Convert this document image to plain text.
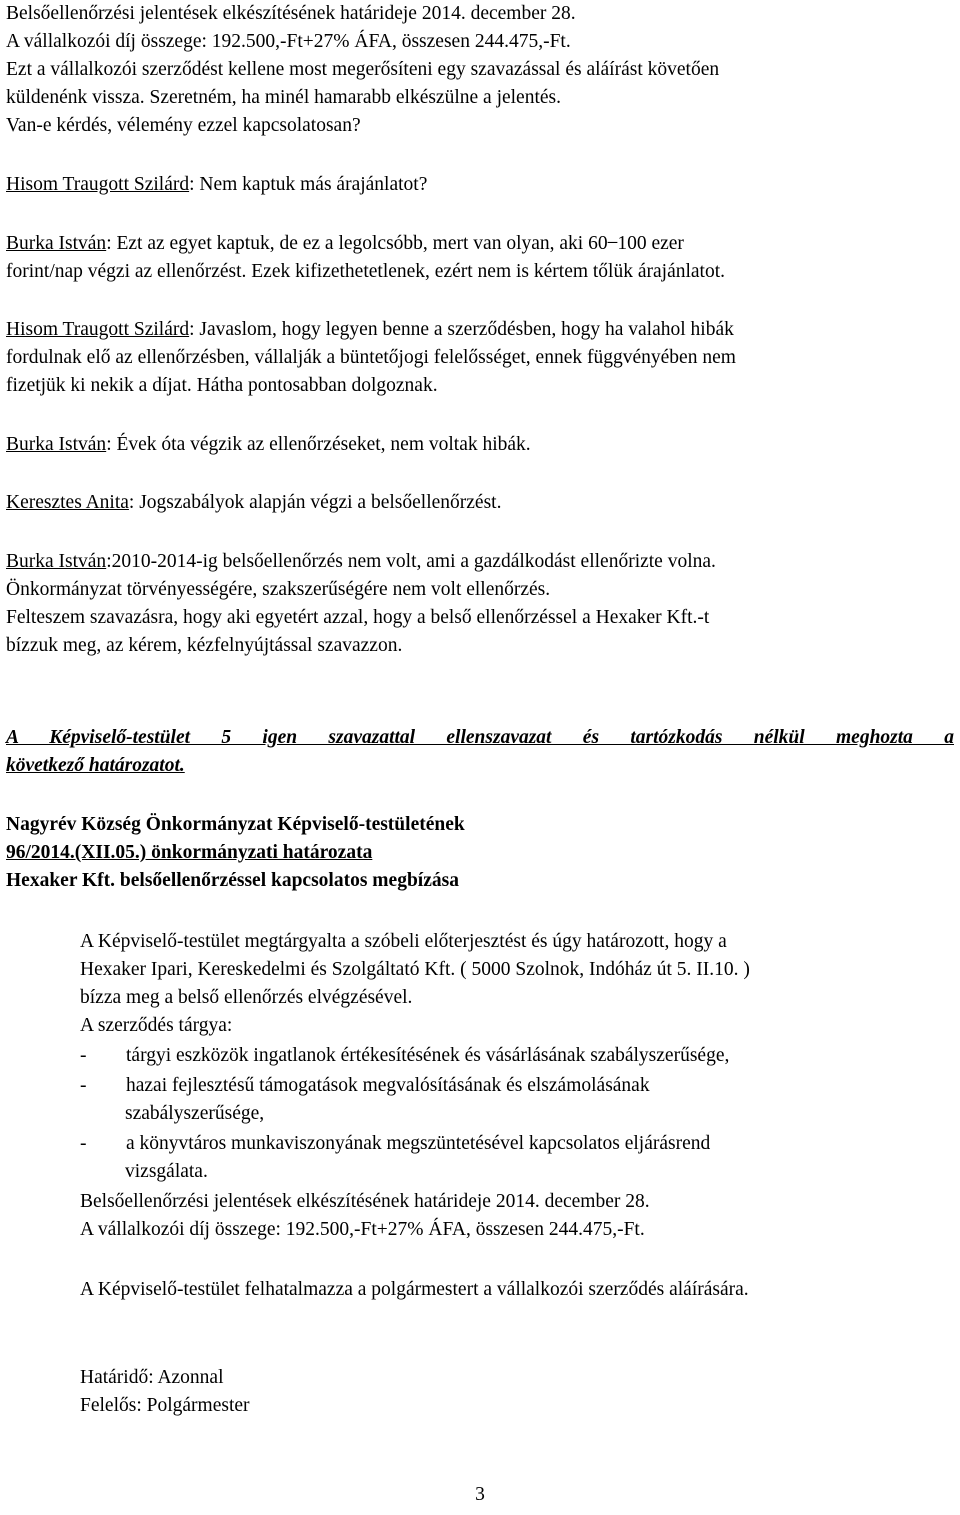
Belsőellenőrzési jelentések elkészítésének határideje 2014. december 28.
A vállalkozói díj összege: 192.500,-Ft+27% ÁFA, összesen 244.475,-Ft.
Ezt a vállalkozói szerződést kellene most megerősíteni egy szavazással és aláírást követően
küldenénk vissza. Szeretném, ha minél hamarabb elkészülne a jelentés.
Van-e kérdés, vélemény ezzel kapcsolatosan?
Hisom Traugott Szilárd: Nem kaptuk más árajánlatot?
Burka István: Ezt az egyet kaptuk, de ez a legolcsóbb, mert van olyan, aki 60 ̶ 100 ezer
forint/nap végzi az ellenőrzést. Ezek kifizethetetlenek, ezért nem is kértem tőlük árajánlatot.
Hisom Traugott Szilárd: Javaslom, hogy legyen benne a szerződésben, hogy ha valahol hibák
fordulnak elő az ellenőrzésben, vállalják a büntetőjogi felelősséget, ennek függvényében nem
fizetjük ki nekik a díjat. Hátha pontosabban dolgoznak.
Burka István: Évek óta végzik az ellenőrzéseket, nem voltak hibák.
Keresztes Anita: Jogszabályok alapján végzi a belsőellenőrzést.
Burka István:2010-2014-ig belsőellenőrzés nem volt, ami a gazdálkodást ellenőrizte volna.
Önkormányzat törvényességére, szakszerűségére nem volt ellenőrzés.
Felteszem szavazásra, hogy aki egyetért azzal, hogy a belső ellenőrzéssel a Hexaker Kft.-t
bízzuk meg, az kérem, kézfelnyújtással szavazzon.
A Képviselő-testület 5 igen szavazattal ellenszavazat és tartózkodás nélkül meghozta a
következő határozatot.
Nagyrév Község Önkormányzat Képviselő-testületének
96/2014.(XII.05.) önkormányzati határozata
Hexaker Kft. belsőellenőrzéssel kapcsolatos megbízása
A Képviselő-testület megtárgyalta a szóbeli előterjesztést és úgy határozott, hogy a
Hexaker Ipari, Kereskedelmi és Szolgáltató Kft. ( 5000 Szolnok, Indóház út 5. II.10. )
bízza meg a belső ellenőrzés elvégzésével.
A szerződés tárgya:
- tárgyi eszközök ingatlanok értékesítésének és vásárlásának szabályszerűsége,
- hazai fejlesztésű támogatások megvalósításának és elszámolásának
szabályszerűsége,
- a könyvtáros munkaviszonyának megszüntetésével kapcsolatos eljárásrend
vizsgálata.
Belsőellenőrzési jelentések elkészítésének határideje 2014. december 28.
A vállalkozói díj összege: 192.500,-Ft+27% ÁFA, összesen 244.475,-Ft.
A Képviselő-testület felhatalmazza a polgármestert a vállalkozói szerződés aláírására.
Határidő: Azonnal
Felelős: Polgármester
3
